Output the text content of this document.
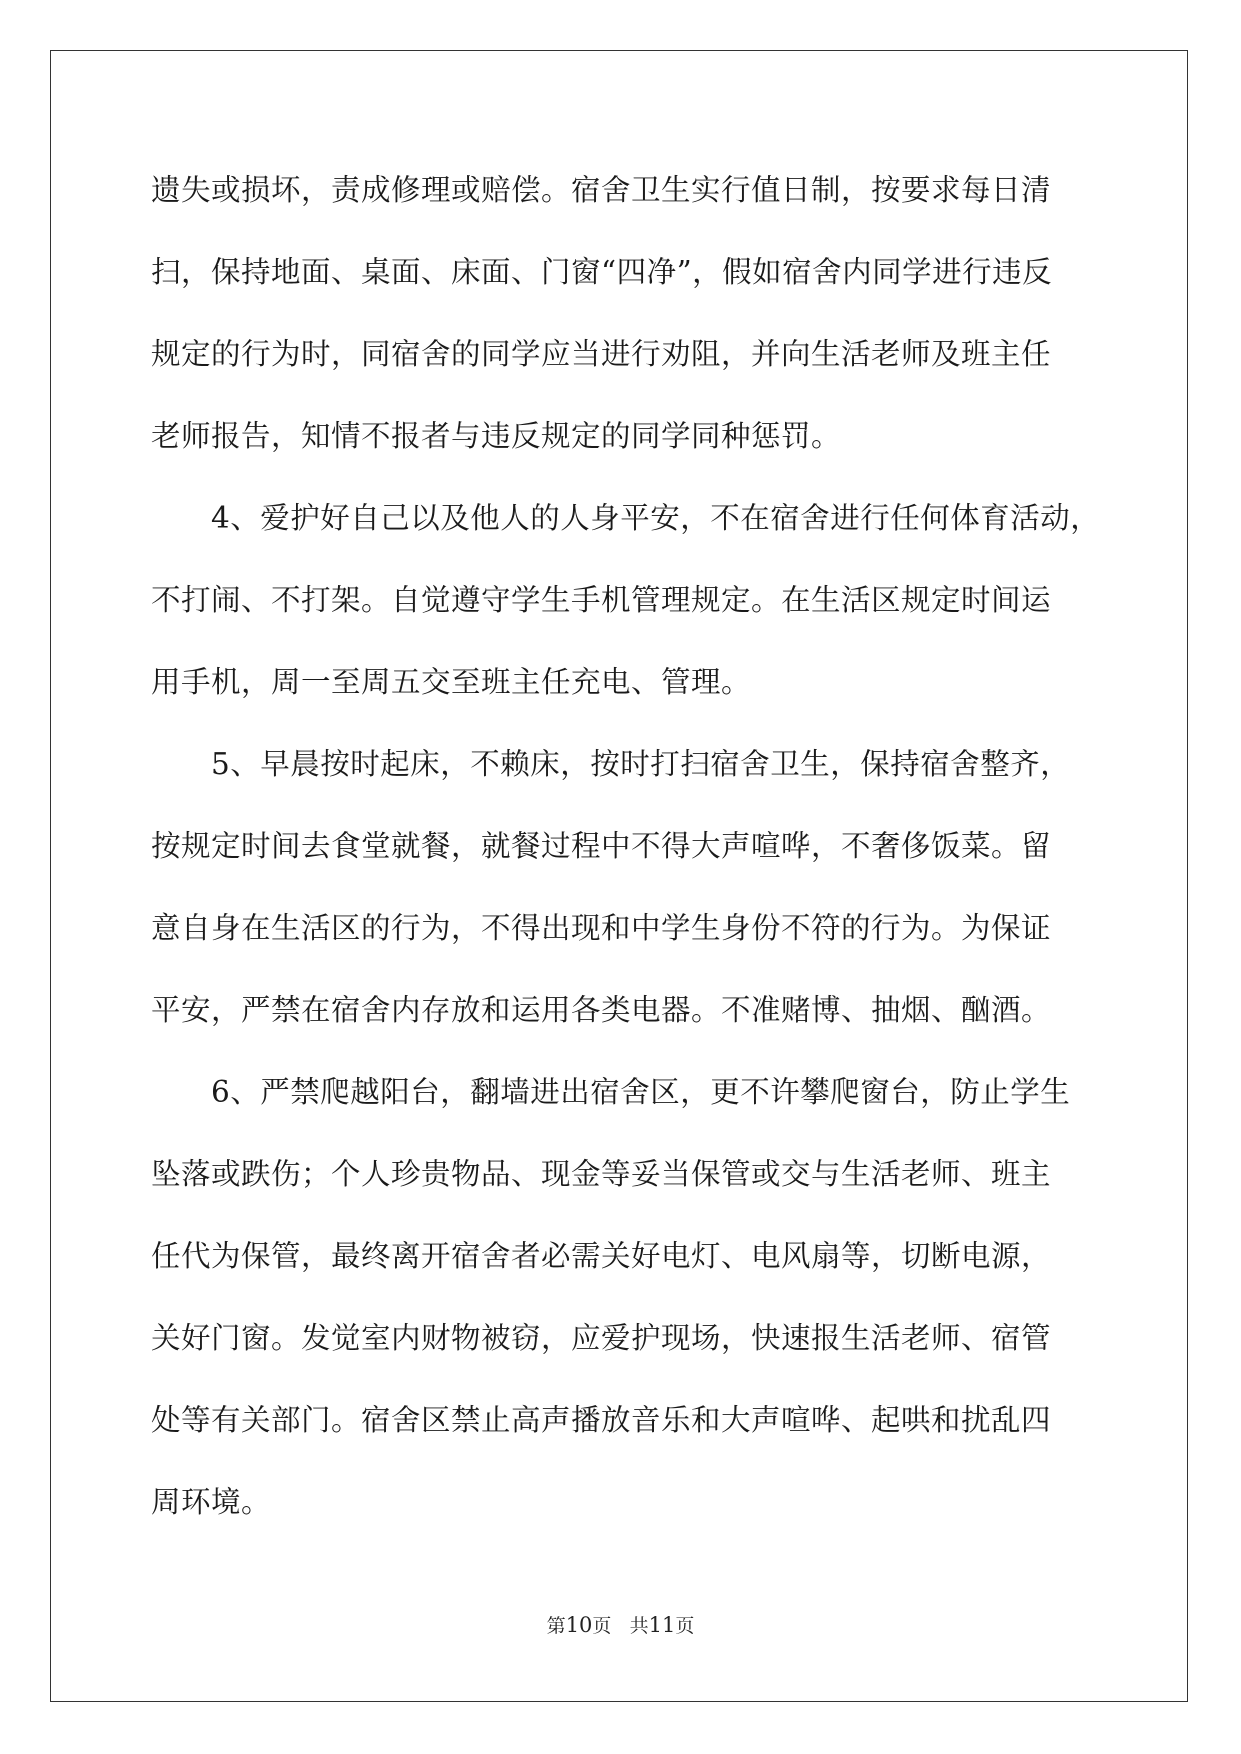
遗失或损坏，责成修理或赔偿。宿舍卫生实行值日制，按要求每日清
扫，保持地面、桌面、床面、门窗“四净”，假如宿舍内同学进行违反
规定的行为时，同宿舍的同学应当进行劝阻，并向生活老师及班主任
老师报告，知情不报者与违反规定的同学同种惩罚。
　　4、爱护好自己以及他人的人身平安，不在宿舍进行任何体育活动，
不打闹、不打架。自觉遵守学生手机管理规定。在生活区规定时间运
用手机，周一至周五交至班主任充电、管理。
　　5、早晨按时起床，不赖床，按时打扫宿舍卫生，保持宿舍整齐，
按规定时间去食堂就餐，就餐过程中不得大声喧哗，不奢侈饭菜。留
意自身在生活区的行为，不得出现和中学生身份不符的行为。为保证
平安，严禁在宿舍内存放和运用各类电器。不准赌博、抽烟、酗酒。
　　6、严禁爬越阳台，翻墙进出宿舍区，更不许攀爬窗台，防止学生
坠落或跌伤；个人珍贵物品、现金等妥当保管或交与生活老师、班主
任代为保管，最终离开宿舍者必需关好电灯、电风扇等，切断电源，
关好门窗。发觉室内财物被窃，应爱护现场，快速报生活老师、宿管
处等有关部门。宿舍区禁止高声播放音乐和大声喧哗、起哄和扰乱四
周环境。
第10页 共11页
